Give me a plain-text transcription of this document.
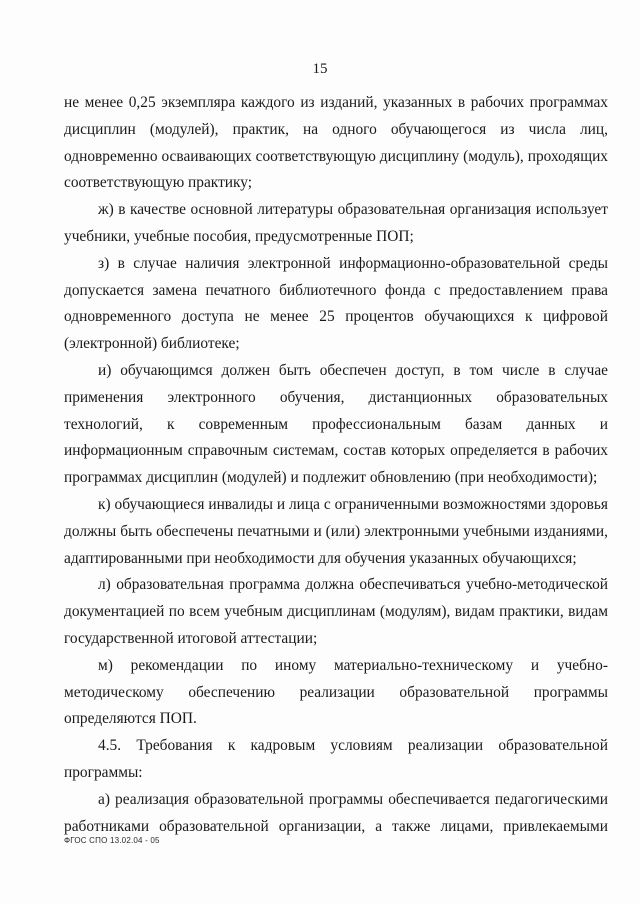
15

не менее 0,25 экземпляра каждого из изданий, указанных в рабочих программах дисциплин (модулей), практик, на одного обучающегося из числа лиц, одновременно осваивающих соответствующую дисциплину (модуль), проходящих соответствующую практику;

ж) в качестве основной литературы образовательная организация использует учебники, учебные пособия, предусмотренные ПОП;

з) в случае наличия электронной информационно-образовательной среды допускается замена печатного библиотечного фонда с предоставлением права одновременного доступа не менее 25 процентов обучающихся к цифровой (электронной) библиотеке;

и) обучающимся должен быть обеспечен доступ, в том числе в случае применения электронного обучения, дистанционных образовательных технологий, к современным профессиональным базам данных и информационным справочным системам, состав которых определяется в рабочих программах дисциплин (модулей) и подлежит обновлению (при необходимости);

к) обучающиеся инвалиды и лица с ограниченными возможностями здоровья должны быть обеспечены печатными и (или) электронными учебными изданиями, адаптированными при необходимости для обучения указанных обучающихся;

л) образовательная программа должна обеспечиваться учебно-методической документацией по всем учебным дисциплинам (модулям), видам практики, видам государственной итоговой аттестации;

м) рекомендации по иному материально-техническому и учебно-методическому обеспечению реализации образовательной программы определяются ПОП.

4.5. Требования к кадровым условиям реализации образовательной программы:

а) реализация образовательной программы обеспечивается педагогическими работниками образовательной организации, а также лицами, привлекаемыми

ФГОС СПО 13.02.04 - 05
